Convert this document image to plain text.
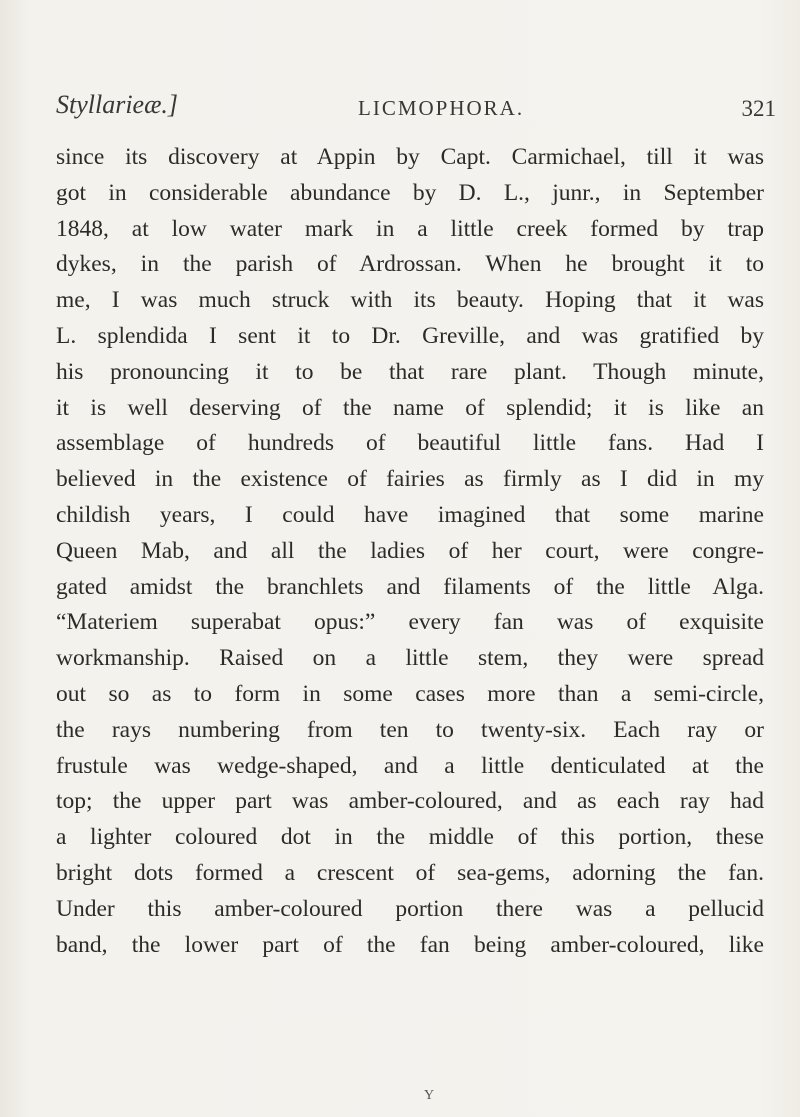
Styllarieæ.]	LICMOPHORA.	321
since its discovery at Appin by Capt. Carmichael, till it was
got in considerable abundance by D. L., junr., in September
1848, at low water mark in a little creek formed by trap
dykes, in the parish of Ardrossan. When he brought it to
me, I was much struck with its beauty. Hoping that it was
L. splendida I sent it to Dr. Greville, and was gratified by
his pronouncing it to be that rare plant. Though minute,
it is well deserving of the name of splendid; it is like an
assemblage of hundreds of beautiful little fans. Had I
believed in the existence of fairies as firmly as I did in my
childish years, I could have imagined that some marine
Queen Mab, and all the ladies of her court, were congre-
gated amidst the branchlets and filaments of the little Alga.
“Materiem superabat opus:” every fan was of exquisite
workmanship. Raised on a little stem, they were spread
out so as to form in some cases more than a semi-circle,
the rays numbering from ten to twenty-six. Each ray or
frustule was wedge-shaped, and a little denticulated at the
top; the upper part was amber-coloured, and as each ray had
a lighter coloured dot in the middle of this portion, these
bright dots formed a crescent of sea-gems, adorning the fan.
Under this amber-coloured portion there was a pellucid
band, the lower part of the fan being amber-coloured, like
Y
